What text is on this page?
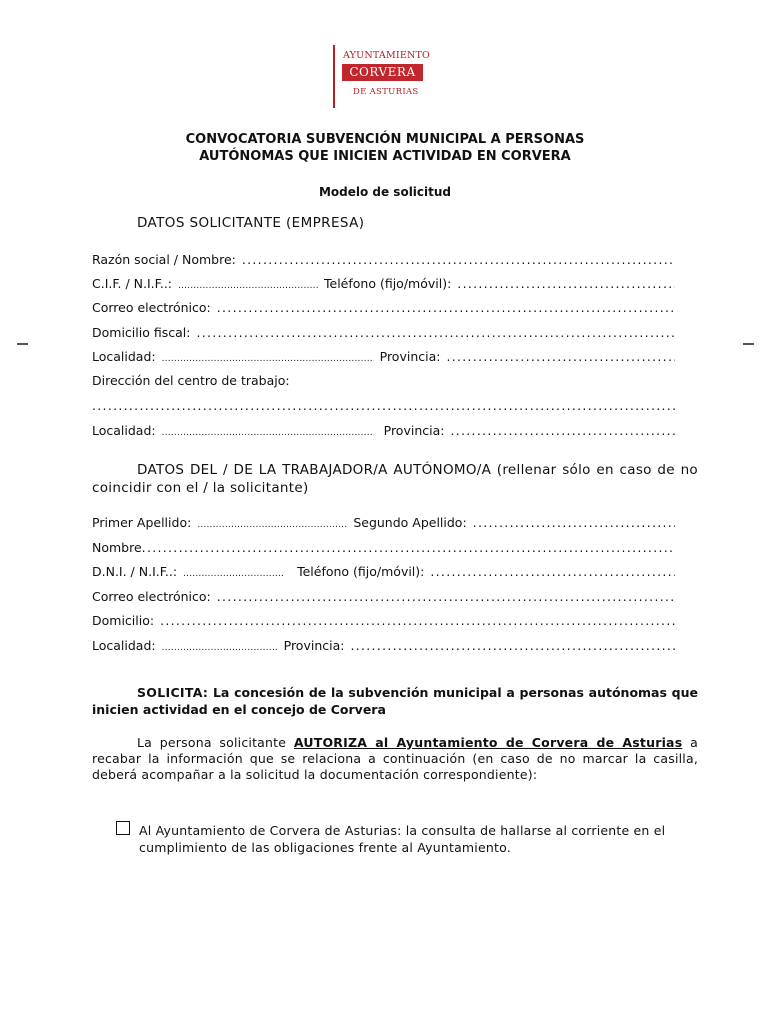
AYUNTAMIENTO
CORVERA
DE ASTURIAS
CONVOCATORIA SUBVENCIÓN MUNICIPAL A PERSONAS
AUTÓNOMAS QUE INICIEN ACTIVIDAD EN CORVERA
Modelo de solicitud
DATOS SOLICITANTE (EMPRESA)
Razón social / Nombre:
.....
C.I.F. / N.I.F..: .....	Teléfono (fijo/móvil):
.....
Correo electrónico:
.....
Domicilio fiscal:
.....
Localidad: .....	Provincia:
.....
Dirección del centro de trabajo:
.....
Localidad: .....	Provincia:
.....
DATOS DEL / DE LA TRABAJADOR/A AUTÓNOMO/A (rellenar sólo en caso de no coincidir con el / la solicitante)
Primer Apellido: .....	Segundo Apellido:
.....
Nombre
.....
D.N.I. / N.I.F..: .....	Teléfono (fijo/móvil):
.....
Correo electrónico:
.....
Domicilio:
.....
Localidad: .....	Provincia:
.....
SOLICITA: La concesión de la subvención municipal a personas autónomas que inicien actividad en el concejo de Corvera
La persona solicitante AUTORIZA al Ayuntamiento de Corvera de Asturias a recabar la información que se relaciona a continuación (en caso de no marcar la casilla, deberá acompañar a la solicitud la documentación correspondiente):
Al Ayuntamiento de Corvera de Asturias: la consulta de hallarse al corriente en el cumplimiento de las obligaciones frente al Ayuntamiento.
